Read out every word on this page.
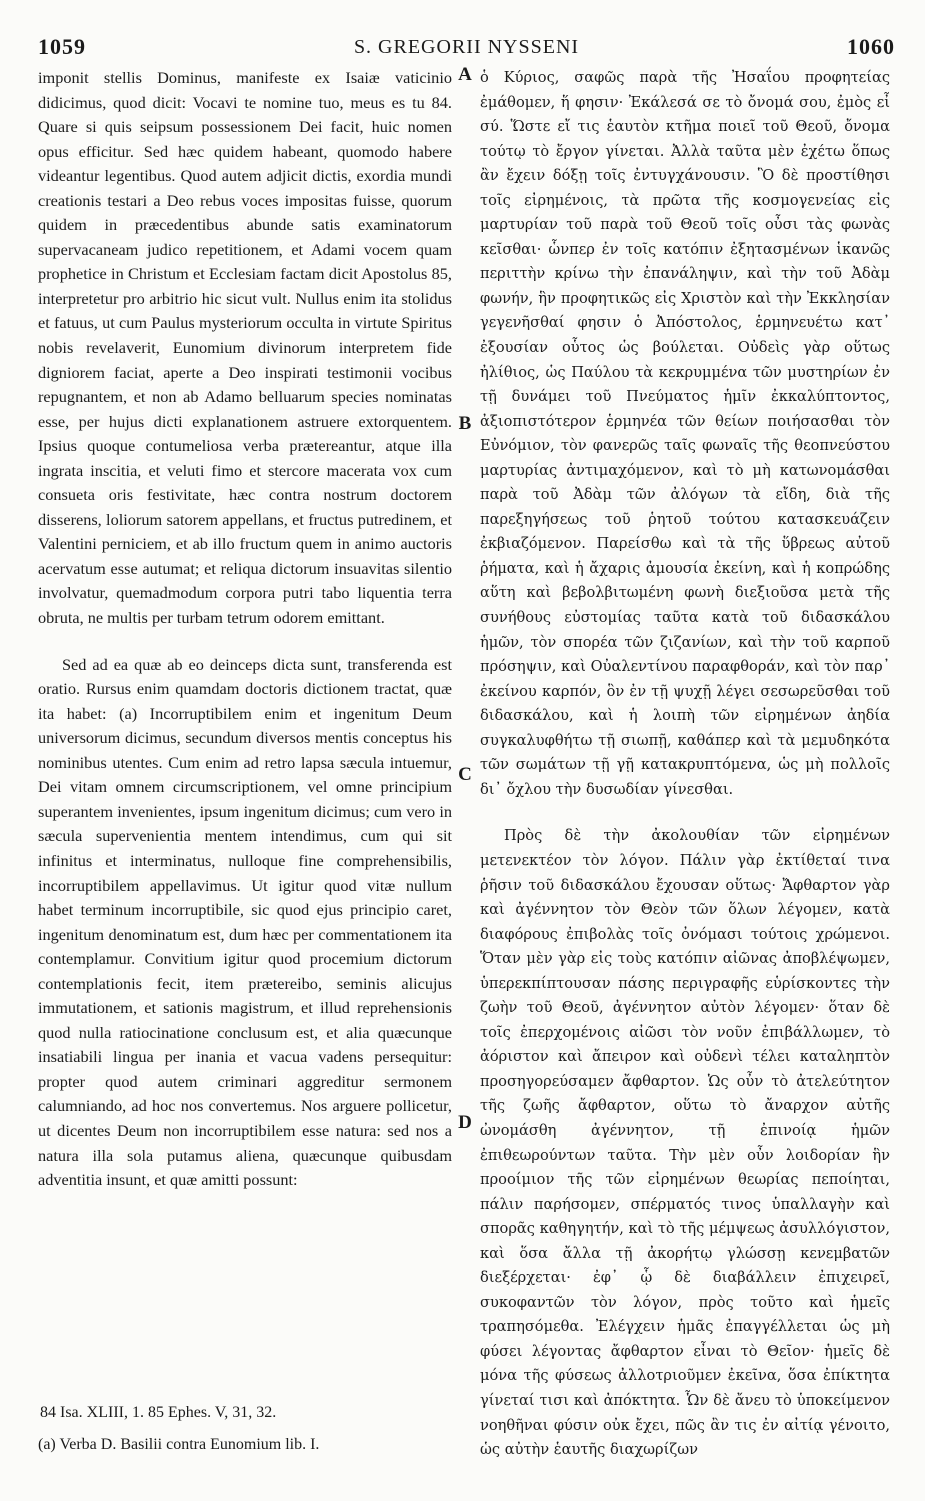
1059	S. GREGORII NYSSENI	1060

imponit stellis Dominus, manifeste ex Isaiæ vaticinio didicimus, quod dicit: Vocavi te nomine tuo, meus es tu 84. Quare si quis seipsum possessionem Dei facit, huic nomen opus efficitur. Sed hæc quidem habeant, quomodo habere videantur legentibus. Quod autem adjicit dictis, exordia mundi creationis testari a Deo rebus voces impositas fuisse, quorum quidem in præcedentibus abunde satis examinatorum supervacaneam judico repetitionem, et Adami vocem quam prophetice in Christum et Ecclesiam factam dicit Apostolus 85, interpretetur pro arbitrio hic sicut vult. Nullus enim ita stolidus et fatuus, ut cum Paulus mysteriorum occulta in virtute Spiritus nobis revelaverit, Eunomium divinorum interpretem fide digniorem faciat, aperte a Deo inspirati testimonii vocibus repugnantem, et non ab Adamo belluarum species nominatas esse, per hujus dicti explanationem astruere extorquentem. Ipsius quoque contumeliosa verba prætereantur, atque illa ingrata inscitia, et veluti fimo et stercore macerata vox cum consueta oris festivitate, hæc contra nostrum doctorem disserens, loliorum satorem appellans, et fructus putredinem, et Valentini perniciem, et ab illo fructum quem in animo auctoris acervatum esse autumat; et reliqua dictorum insuavitas silentio involvatur, quemadmodum corpora putri tabo liquentia terra obruta, ne multis per turbam tetrum odorem emittant.

Sed ad ea quæ ab eo deinceps dicta sunt, transferenda est oratio. Rursus enim quamdam doctoris dictionem tractat, quæ ita habet: (a) Incorruptibilem enim et ingenitum Deum universorum dicimus, secundum diversos mentis conceptus his nominibus utentes. Cum enim ad retro lapsa sæcula intuemur, Dei vitam omnem circumscriptionem, vel omne principium superantem invenientes, ipsum ingenitum dicimus; cum vero in sæcula supervenientia mentem intendimus, cum qui sit infinitus et interminatus, nulloque fine comprehensibilis, incorruptibilem appellavimus. Ut igitur quod vitæ nullum habet terminum incorruptibile, sic quod ejus principio caret, ingenitum denominatum est, dum hæc per commentationem ita contemplamur. Convitium igitur quod procemium dictorum contemplationis fecit, item prætereibo, seminis alicujus immutationem, et sationis magistrum, et illud reprehensionis quod nulla ratiocinatione conclusum est, et alia quæcunque insatiabili lingua per inania et vacua vadens persequitur: propter quod autem criminari aggreditur sermonem calumniando, ad hoc nos convertemus. Nos arguere pollicetur, ut dicentes Deum non incorruptibilem esse natura: sed nos a natura illa sola putamus aliena, quæcunque quibusdam adventitia insunt, et quæ amitti possunt:

A
B
C
D

ὁ Κύριος, σαφῶς παρὰ τῆς Ἠσαΐου προφητείας ἐμάθομεν, ἥ φησιν· Ἐκάλεσά σε τὸ ὄνομά σου, ἐμὸς εἶ σύ. Ὥστε εἴ τις ἑαυτὸν κτῆμα ποιεῖ τοῦ Θεοῦ, ὄνομα τούτῳ τὸ ἔργον γίνεται. Ἀλλὰ ταῦτα μὲν ἐχέτω ὅπως ἂν ἔχειν δόξῃ τοῖς ἐντυγχάνουσιν. Ὃ δὲ προστίθησι τοῖς εἰρημένοις, τὰ πρῶτα τῆς κοσμογενείας εἰς μαρτυρίαν τοῦ παρὰ τοῦ Θεοῦ τοῖς οὖσι τὰς φωνὰς κεῖσθαι· ὧνπερ ἐν τοῖς κατόπιν ἐξητασμένων ἱκανῶς περιττὴν κρίνω τὴν ἐπανάληψιν, καὶ τὴν τοῦ Ἀδὰμ φωνήν, ἣν προφητικῶς εἰς Χριστὸν καὶ τὴν Ἐκκλησίαν γεγενῆσθαί φησιν ὁ Ἀπόστολος, ἑρμηνευέτω κατ᾽ ἐξουσίαν οὗτος ὡς βούλεται. Οὐδεὶς γὰρ οὕτως ἠλίθιος, ὡς Παύλου τὰ κεκρυμμένα τῶν μυστηρίων ἐν τῇ δυνάμει τοῦ Πνεύματος ἡμῖν ἐκκαλύπτοντος, ἀξιοπιστότερον ἑρμηνέα τῶν θείων ποιήσασθαι τὸν Εὐνόμιον, τὸν φανερῶς ταῖς φωναῖς τῆς θεοπνεύστου μαρτυρίας ἀντιμαχόμενον, καὶ τὸ μὴ κατωνομάσθαι παρὰ τοῦ Ἀδὰμ τῶν ἀλόγων τὰ εἴδη, διὰ τῆς παρεξηγήσεως τοῦ ῥητοῦ τούτου κατασκευάζειν ἐκβιαζόμενον. Παρείσθω καὶ τὰ τῆς ὕβρεως αὐτοῦ ῥήματα, καὶ ἡ ἄχαρις ἀμουσία ἐκείνη, καὶ ἡ κοπρώδης αὕτη καὶ βεβολβιτωμένη φωνὴ διεξιοῦσα μετὰ τῆς συνήθους εὐστομίας ταῦτα κατὰ τοῦ διδασκάλου ἡμῶν, τὸν σπορέα τῶν ζιζανίων, καὶ τὴν τοῦ καρποῦ πρόσηψιν, καὶ Οὐαλεντίνου παραφθοράν, καὶ τὸν παρ᾽ ἐκείνου καρπόν, ὃν ἐν τῇ ψυχῇ λέγει σεσωρεῦσθαι τοῦ διδασκάλου, καὶ ἡ λοιπὴ τῶν εἰρημένων ἀηδία συγκαλυφθήτω τῇ σιωπῇ, καθάπερ καὶ τὰ μεμυδηκότα τῶν σωμάτων τῇ γῇ κατακρυπτόμενα, ὡς μὴ πολλοῖς δι᾽ ὄχλου τὴν δυσωδίαν γίνεσθαι.

Πρὸς δὲ τὴν ἀκολουθίαν τῶν εἰρημένων μετενεκτέον τὸν λόγον. Πάλιν γὰρ ἐκτίθεταί τινα ῥῆσιν τοῦ διδασκάλου ἔχουσαν οὕτως· Ἄφθαρτον γὰρ καὶ ἀγέννητον τὸν Θεὸν τῶν ὅλων λέγομεν, κατὰ διαφόρους ἐπιβολὰς τοῖς ὀνόμασι τούτοις χρώμενοι. Ὅταν μὲν γὰρ εἰς τοὺς κατόπιν αἰῶνας ἀποβλέψωμεν, ὑπερεκπίπτουσαν πάσης περιγραφῆς εὑρίσκοντες τὴν ζωὴν τοῦ Θεοῦ, ἀγέννητον αὐτὸν λέγομεν· ὅταν δὲ τοῖς ἐπερχομένοις αἰῶσι τὸν νοῦν ἐπιβάλλωμεν, τὸ ἀόριστον καὶ ἄπειρον καὶ οὐδενὶ τέλει καταληπτὸν προσηγορεύσαμεν ἄφθαρτον. Ὡς οὖν τὸ ἀτελεύτητον τῆς ζωῆς ἄφθαρτον, οὕτω τὸ ἄναρχον αὐτῆς ὠνομάσθη ἀγέννητον, τῇ ἐπινοίᾳ ἡμῶν ἐπιθεωρούντων ταῦτα. Τὴν μὲν οὖν λοιδορίαν ἣν προοίμιον τῆς τῶν εἰρημένων θεωρίας πεποίηται, πάλιν παρήσομεν, σπέρματός τινος ὑπαλλαγὴν καὶ σπορᾶς καθηγητήν, καὶ τὸ τῆς μέμψεως ἀσυλλόγιστον, καὶ ὅσα ἄλλα τῇ ἀκορήτῳ γλώσσῃ κενεμβατῶν διεξέρχεται· ἐφ᾽ ᾧ δὲ διαβάλλειν ἐπιχειρεῖ, συκοφαντῶν τὸν λόγον, πρὸς τοῦτο καὶ ἡμεῖς τραπησόμεθα. Ἐλέγχειν ἡμᾶς ἐπαγγέλλεται ὡς μὴ φύσει λέγοντας ἄφθαρτον εἶναι τὸ Θεῖον· ἡμεῖς δὲ μόνα τῆς φύσεως ἀλλοτριοῦμεν ἐκεῖνα, ὅσα ἐπίκτητα γίνεταί τισι καὶ ἀπόκτητα. Ὧν δὲ ἄνευ τὸ ὑποκείμενον νοηθῆναι φύσιν οὐκ ἔχει, πῶς ἂν τις ἐν αἰτίᾳ γένοιτο, ὡς αὐτὴν ἑαυτῆς διαχωρίζων

84 Isa. XLIII, 1. 85 Ephes. V, 31, 32.
(a) Verba D. Basilii contra Eunomium lib. I.
